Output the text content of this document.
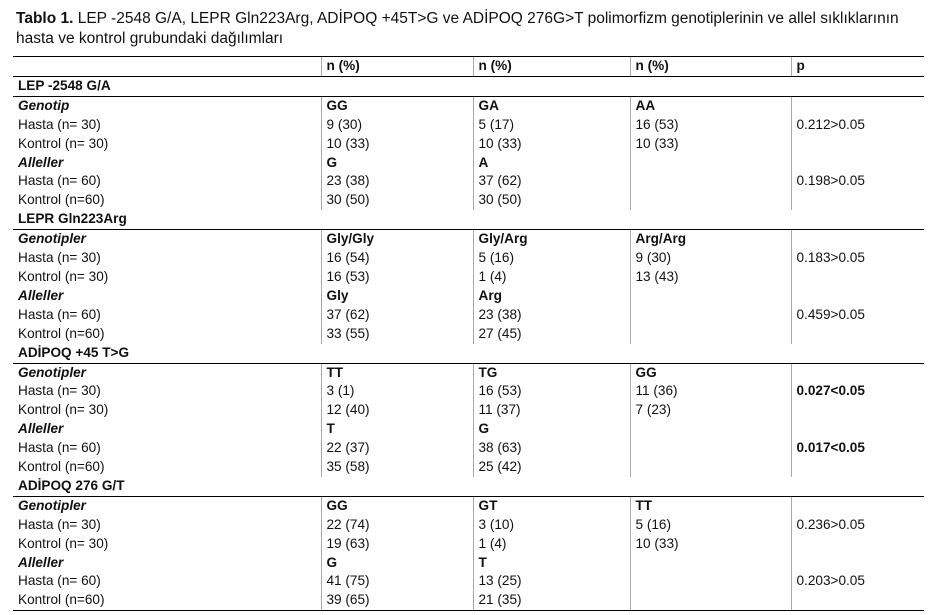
Tablo 1. LEP -2548 G/A, LEPR Gln223Arg, ADİPOQ +45T>G ve ADİPOQ 276G>T polimorfizm genotiplerinin ve allel sıklıklarının hasta ve kontrol grubundaki dağılımları
	n (%)	n (%)	n (%)	p
LEP -2548 G/A				
Genotip	GG	GA	AA	
Hasta (n= 30)	9 (30)	5 (17)	16 (53)	0.212>0.05
Kontrol (n= 30)	10 (33)	10 (33)	10 (33)	
Alleller	G	A		
Hasta (n= 60)	23 (38)	37 (62)		0.198>0.05
Kontrol (n=60)	30 (50)	30 (50)		
LEPR Gln223Arg				
Genotipler	Gly/Gly	Gly/Arg	Arg/Arg	
Hasta (n= 30)	16 (54)	5 (16)	9 (30)	0.183>0.05
Kontrol (n= 30)	16 (53)	1 (4)	13 (43)	
Alleller	Gly	Arg		
Hasta (n= 60)	37 (62)	23 (38)		0.459>0.05
Kontrol (n=60)	33 (55)	27 (45)		
ADİPOQ +45 T>G				
Genotipler	TT	TG	GG	
Hasta (n= 30)	3 (1)	16 (53)	11 (36)	0.027<0.05
Kontrol (n= 30)	12 (40)	11 (37)	7 (23)	
Alleller	T	G		
Hasta (n= 60)	22 (37)	38 (63)		0.017<0.05
Kontrol (n=60)	35 (58)	25 (42)		
ADİPOQ 276 G/T				
Genotipler	GG	GT	TT	
Hasta (n= 30)	22 (74)	3 (10)	5 (16)	0.236>0.05
Kontrol (n= 30)	19 (63)	1 (4)	10 (33)	
Alleller	G	T		
Hasta (n= 60)	41 (75)	13 (25)		0.203>0.05
Kontrol (n=60)	39 (65)	21 (35)		
